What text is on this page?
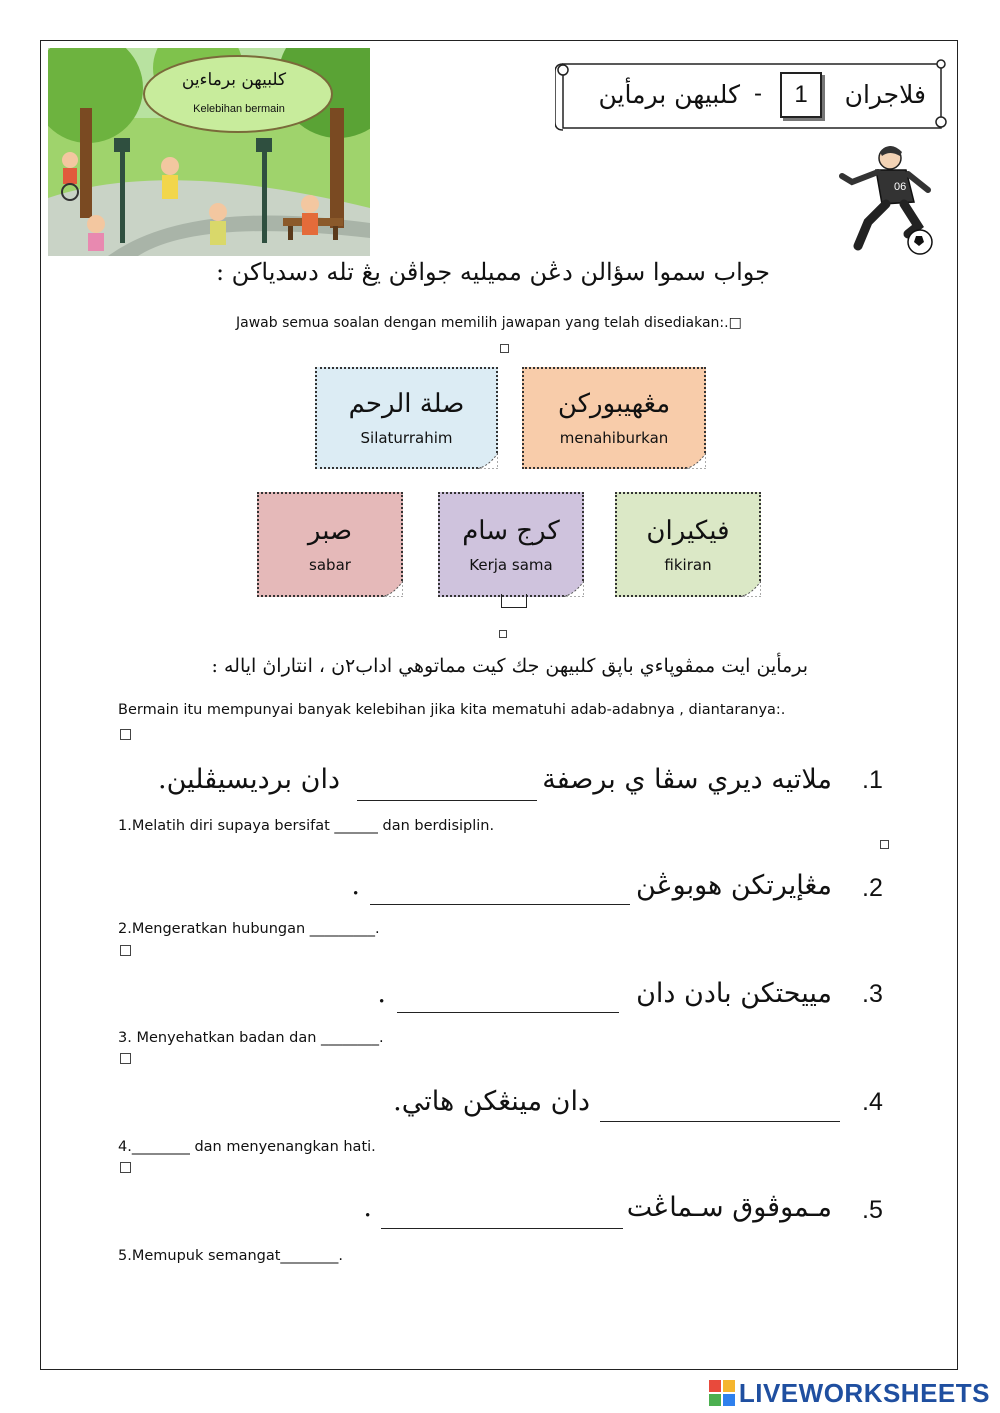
كلبيهن برماءين
Kelebihan bermain	فلاجران
1
-
كلبيهن برمأين
06
جواب سموا سؤالن دڠن مميليه جواڤن يڠ تله دسدياكن :
Jawab semua soalan dengan memilih jawapan yang telah disediakan:.□
صلة الرحم
Silaturrahim
مڠهيبوركن
menahiburkan
صبر
sabar
كرج سام
Kerja sama
فيكيران
fikiran
برمأين ايت ممڤوڽاءي باڽق كلبيهن جك كيت مماتوهي اداب٢ن ، انتاراڽ اياله :
Bermain itu mempunyai banyak kelebihan jika kita mematuhi adab-adabnya , diantaranya:.
.1
ملاتيه ديري سڤا ي برصفة
دان برديسيڤلين.
1.Melatih diri supaya bersifat ______ dan berdisiplin.
.2
مڠإيرتكن هوبوڠن
.
2.Mengeratkan hubungan _________.
.3
مييحتكن بادن دان
.
3. Menyehatkan badan dan ________.
.4
دان مينڠكن هاتي.
4.________ dan menyenangkan hati.
.5
مـموڤوق سـماڠت
.
5.Memupuk semangat________.
LIVEWORKSHEETS
